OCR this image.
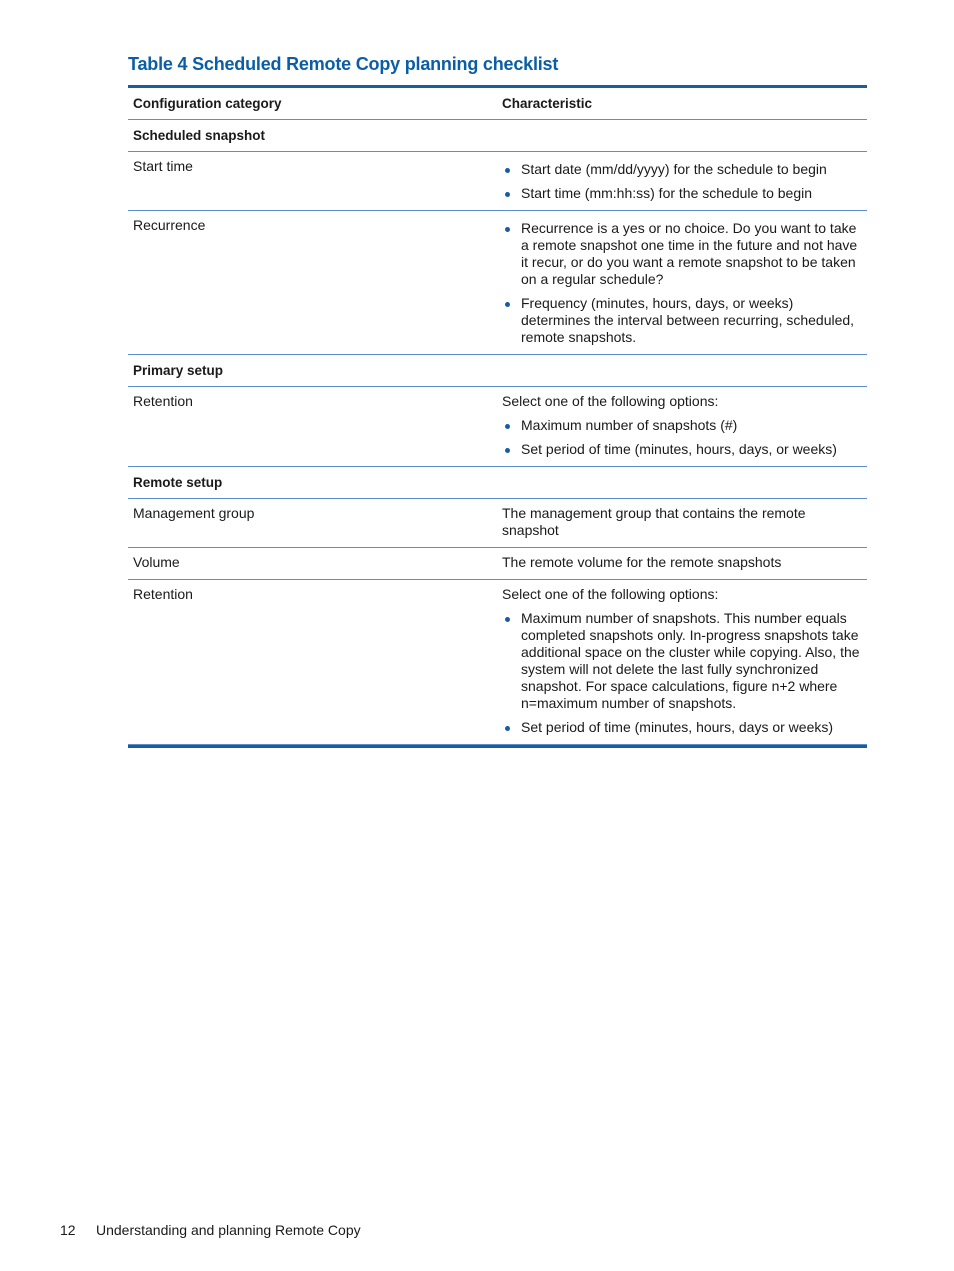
Table 4 Scheduled Remote Copy planning checklist
Configuration category	Characteristic
Scheduled snapshot
Start time	Start date (mm/dd/yyyy) for the schedule to begin
Start time (mm:hh:ss) for the schedule to begin
Recurrence	Recurrence is a yes or no choice. Do you want to take a remote snapshot one time in the future and not have it recur, or do you want a remote snapshot to be taken on a regular schedule?
Frequency (minutes, hours, days, or weeks) determines the interval between recurring, scheduled, remote snapshots.
Primary setup
Retention	Select one of the following options:
Maximum number of snapshots (#)
Set period of time (minutes, hours, days, or weeks)
Remote setup
Management group	The management group that contains the remote snapshot
Volume	The remote volume for the remote snapshots
Retention	Select one of the following options:
Maximum number of snapshots. This number equals completed snapshots only. In-progress snapshots take additional space on the cluster while copying. Also, the system will not delete the last fully synchronized snapshot. For space calculations, figure n+2 where n=maximum number of snapshots.
Set period of time (minutes, hours, days or weeks)
12 Understanding and planning Remote Copy
